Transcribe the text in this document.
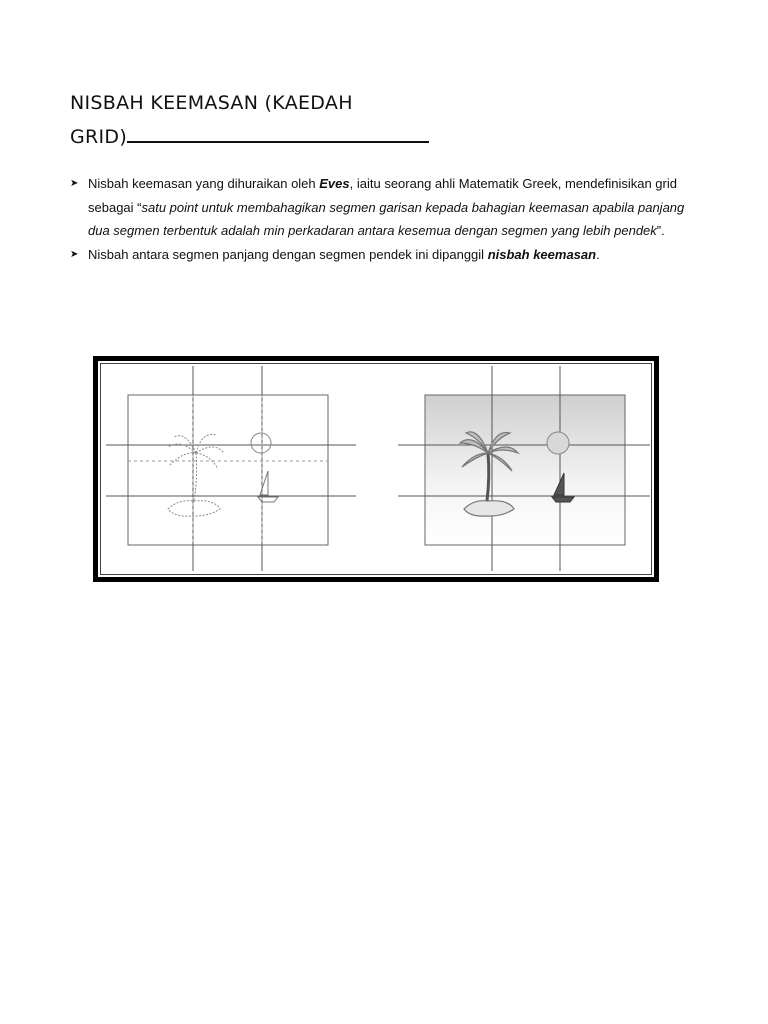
NISBAH KEEMASAN (KAEDAH
GRID)
➤ Nisbah keemasan yang dihuraikan oleh Eves, iaitu seorang ahli Matematik Greek, mendefinisikan grid sebagai “satu point untuk membahagikan segmen garisan kepada bahagian keemasan apabila panjang dua segmen terbentuk adalah min perkadaran antara kesemua dengan segmen yang lebih pendek”.
➤ Nisbah antara segmen panjang dengan segmen pendek ini dipanggil nisbah keemasan.
